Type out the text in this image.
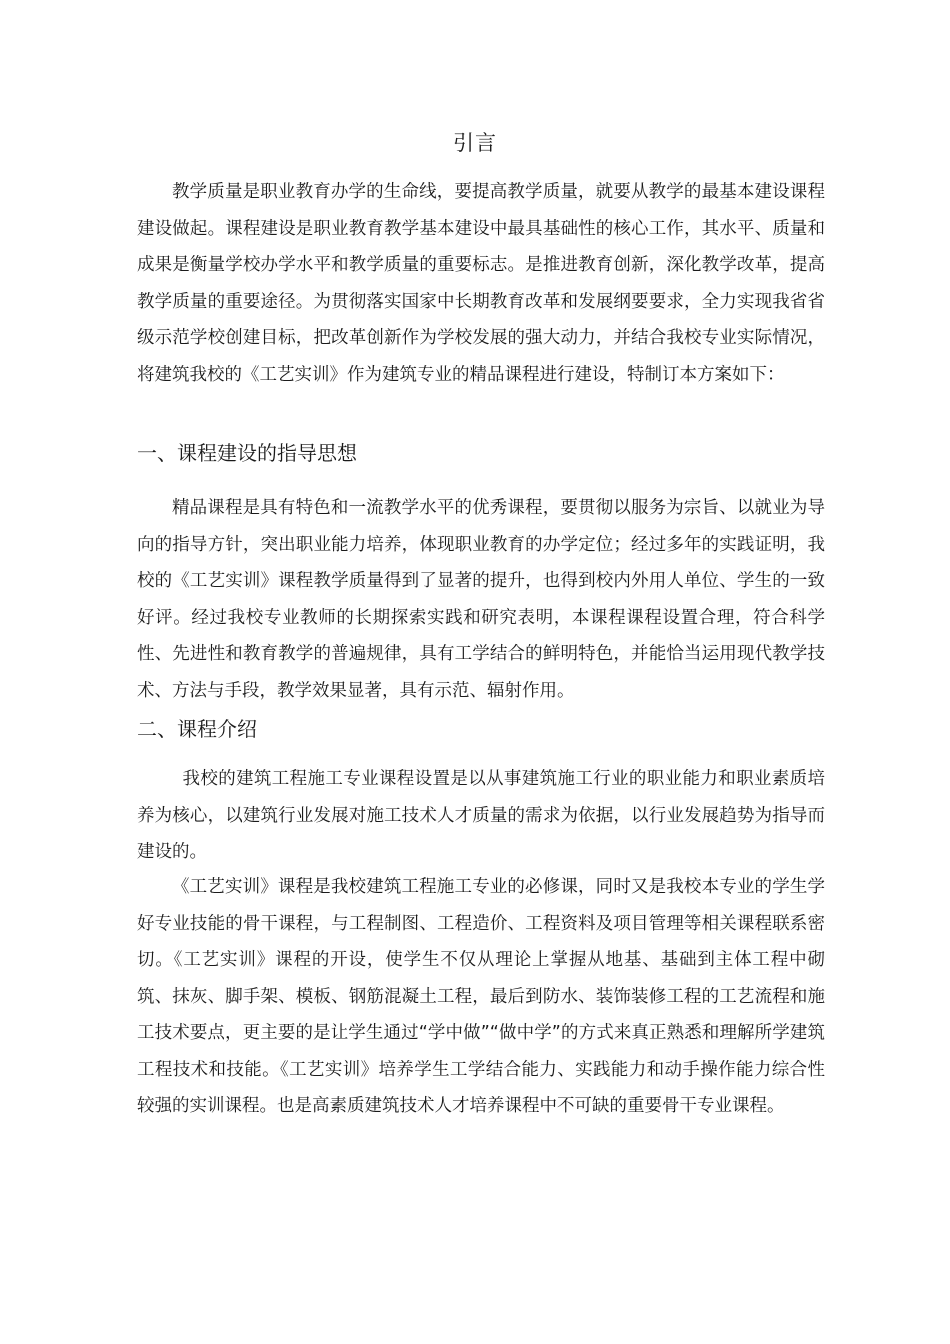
引言

教学质量是职业教育办学的生命线，要提高教学质量，就要从教学的最基本建设课程建设做起。课程建设是职业教育教学基本建设中最具基础性的核心工作，其水平、质量和成果是衡量学校办学水平和教学质量的重要标志。是推进教育创新，深化教学改革，提高教学质量的重要途径。为贯彻落实国家中长期教育改革和发展纲要要求，全力实现我省省级示范学校创建目标，把改革创新作为学校发展的强大动力，并结合我校专业实际情况，将建筑我校的《工艺实训》作为建筑专业的精品课程进行建设，特制订本方案如下：

一、课程建设的指导思想

精品课程是具有特色和一流教学水平的优秀课程，要贯彻以服务为宗旨、以就业为导向的指导方针，突出职业能力培养，体现职业教育的办学定位；经过多年的实践证明，我校的《工艺实训》课程教学质量得到了显著的提升，也得到校内外用人单位、学生的一致好评。经过我校专业教师的长期探索实践和研究表明，本课程课程设置合理，符合科学性、先进性和教育教学的普遍规律，具有工学结合的鲜明特色，并能恰当运用现代教学技术、方法与手段，教学效果显著，具有示范、辐射作用。

二、课程介绍

我校的建筑工程施工专业课程设置是以从事建筑施工行业的职业能力和职业素质培养为核心，以建筑行业发展对施工技术人才质量的需求为依据，以行业发展趋势为指导而建设的。

《工艺实训》课程是我校建筑工程施工专业的必修课，同时又是我校本专业的学生学好专业技能的骨干课程，与工程制图、工程造价、工程资料及项目管理等相关课程联系密切。《工艺实训》课程的开设，使学生不仅从理论上掌握从地基、基础到主体工程中砌筑、抹灰、脚手架、模板、钢筋混凝土工程，最后到防水、装饰装修工程的工艺流程和施工技术要点，更主要的是让学生通过“学中做”“做中学”的方式来真正熟悉和理解所学建筑工程技术和技能。《工艺实训》培养学生工学结合能力、实践能力和动手操作能力综合性较强的实训课程。也是高素质建筑技术人才培养课程中不可缺的重要骨干专业课程。
